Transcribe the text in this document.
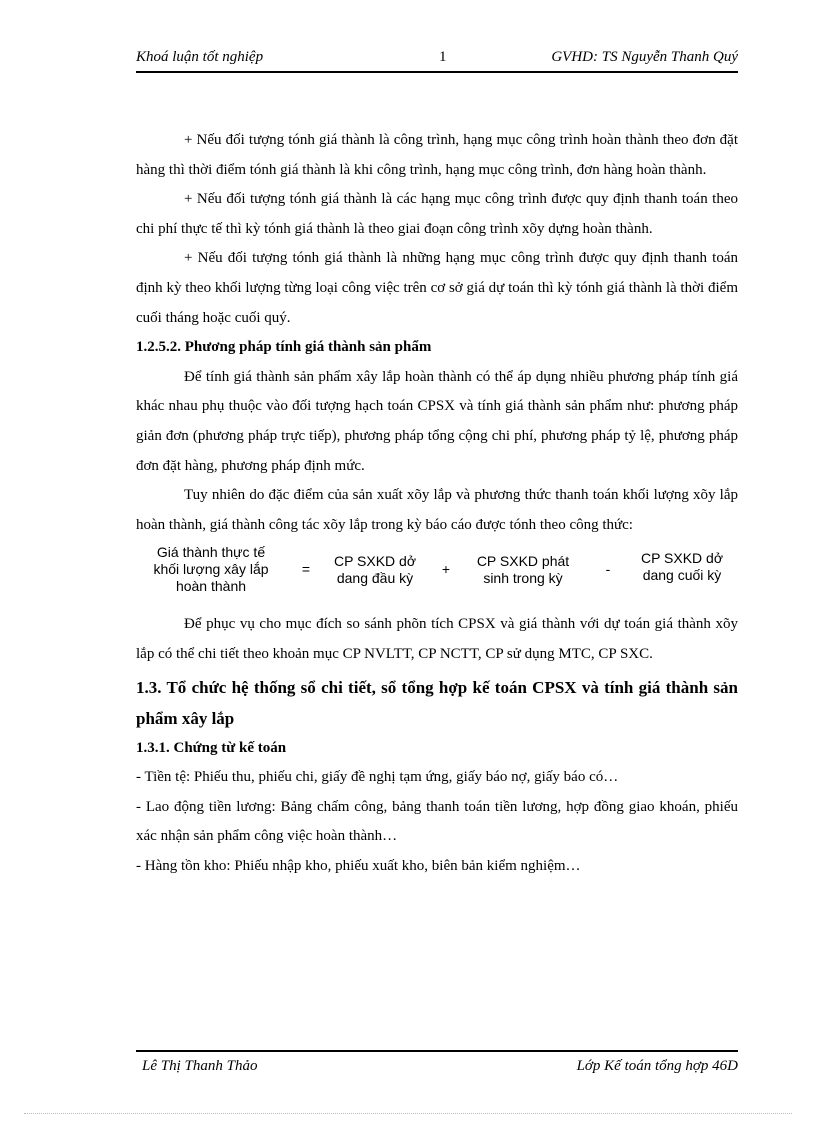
Khoá luận tốt nghiệp	1	GVHD: TS Nguyễn Thanh Quý

+ Nếu đối tượng tónh giá thành là công trình, hạng mục công trình hoàn thành theo đơn đặt hàng thì thời điểm tónh giá thành là khi công trình, hạng mục công trình, đơn hàng hoàn thành.

+ Nếu đối tượng tónh giá thành là các hạng mục công trình được quy định thanh toán theo chi phí thực tế thì kỳ tónh giá thành là theo giai đoạn công trình xõy dựng hoàn thành.

+ Nếu đối tượng tónh giá thành là những hạng mục công trình được quy định thanh toán định kỳ theo khối lượng từng loại công việc trên cơ sở giá dự toán thì kỳ tónh giá thành là thời điểm cuối tháng hoặc cuối quý.

1.2.5.2. Phương pháp tính giá thành sản phẩm

Để tính giá thành sản phẩm xây lắp hoàn thành có thể áp dụng nhiều phương pháp tính giá khác nhau phụ thuộc vào đối tượng hạch toán CPSX và tính giá thành sản phẩm như: phương pháp giản đơn (phương pháp trực tiếp), phương pháp tổng cộng chi phí, phương pháp tỷ lệ, phương pháp đơn đặt hàng, phương pháp định mức.

Tuy nhiên do đặc điểm của sản xuất xõy lắp và phương thức thanh toán khối lượng xõy lắp hoàn thành, giá thành công tác xõy lắp trong kỳ báo cáo được tónh theo công thức:

Giá thành thực tế
khối lượng xây lắp
hoàn thành
=	CP SXKD dở
dang đầu kỳ
+	CP SXKD phát
sinh trong kỳ
-
CP SXKD dở
dang cuối kỳ

Để phục vụ cho mục đích so sánh phõn tích CPSX và giá thành với dự toán giá thành xõy lắp có thể chi tiết theo khoản mục CP NVLTT, CP NCTT, CP sử dụng MTC, CP SXC.

1.3. Tổ chức hệ thống sổ chi tiết, sổ tổng hợp kế toán CPSX và tính giá thành sản phẩm xây lắp

1.3.1. Chứng từ kế toán

- Tiền tệ: Phiếu thu, phiếu chi, giấy đề nghị tạm ứng, giấy báo nợ, giấy báo có…

- Lao động tiền lương: Bảng chấm công, bảng thanh toán tiền lương, hợp đồng giao khoán, phiếu xác nhận sản phẩm công việc hoàn thành…

- Hàng tồn kho: Phiếu nhập kho, phiếu xuất kho, biên bản kiểm nghiệm…

Lê Thị Thanh Thảo	Lớp Kế toán tổng hợp 46D
